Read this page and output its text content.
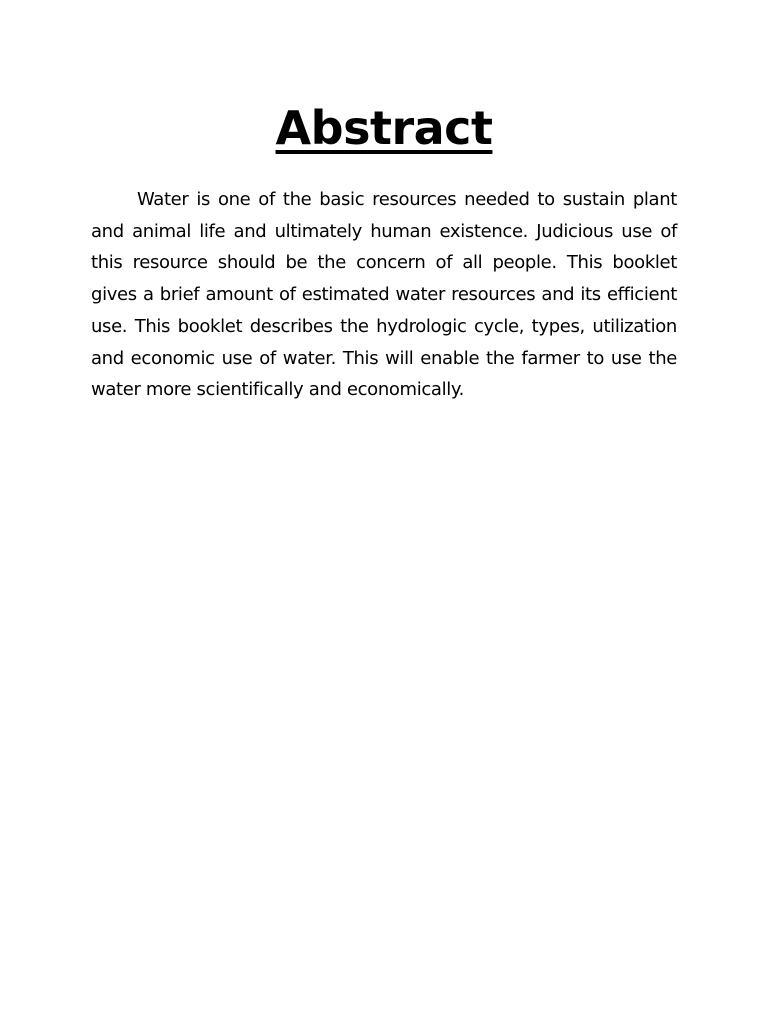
Abstract

Water is one of the basic resources needed to sustain plant and animal life and ultimately human existence. Judicious use of this resource should be the concern of all people. This booklet gives a brief amount of estimated water resources and its efficient use. This booklet describes the hydrologic cycle, types, utilization and economic use of water. This will enable the farmer to use the water more scientifically and economically.
